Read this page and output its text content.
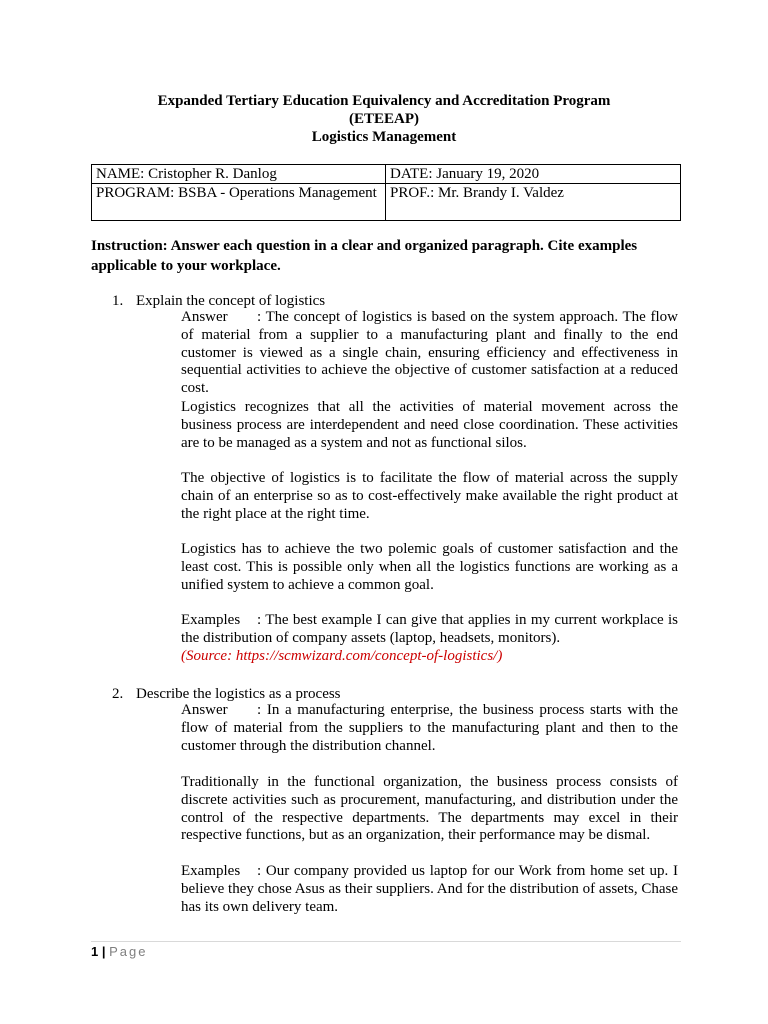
Expanded Tertiary Education Equivalency and Accreditation Program

(ETEEAP)

Logistics Management

NAME: Cristopher R. Danlog	DATE: January 19, 2020
PROGRAM: BSBA - Operations Management	PROF.: Mr. Brandy I. Valdez

Instruction: Answer each question in a clear and organized paragraph. Cite examples applicable to your workplace.

1. Explain the concept of logistics

Answer : The concept of logistics is based on the system approach. The flow of material from a supplier to a manufacturing plant and finally to the end customer is viewed as a single chain, ensuring efficiency and effectiveness in sequential activities to achieve the objective of customer satisfaction at a reduced cost.

Logistics recognizes that all the activities of material movement across the business process are interdependent and need close coordination. These activities are to be managed as a system and not as functional silos.

The objective of logistics is to facilitate the flow of material across the supply chain of an enterprise so as to cost-effectively make available the right product at the right place at the right time.

Logistics has to achieve the two polemic goals of customer satisfaction and the least cost. This is possible only when all the logistics functions are working as a unified system to achieve a common goal.

Examples : The best example I can give that applies in my current workplace is the distribution of company assets (laptop, headsets, monitors).
(Source: https://scmwizard.com/concept-of-logistics/)

2. Describe the logistics as a process

Answer : In a manufacturing enterprise, the business process starts with the flow of material from the suppliers to the manufacturing plant and then to the customer through the distribution channel.

Traditionally in the functional organization, the business process consists of discrete activities such as procurement, manufacturing, and distribution under the control of the respective departments. The departments may excel in their respective functions, but as an organization, their performance may be dismal.

Examples : Our company provided us laptop for our Work from home set up. I believe they chose Asus as their suppliers. And for the distribution of assets, Chase has its own delivery team.

1 | Page
